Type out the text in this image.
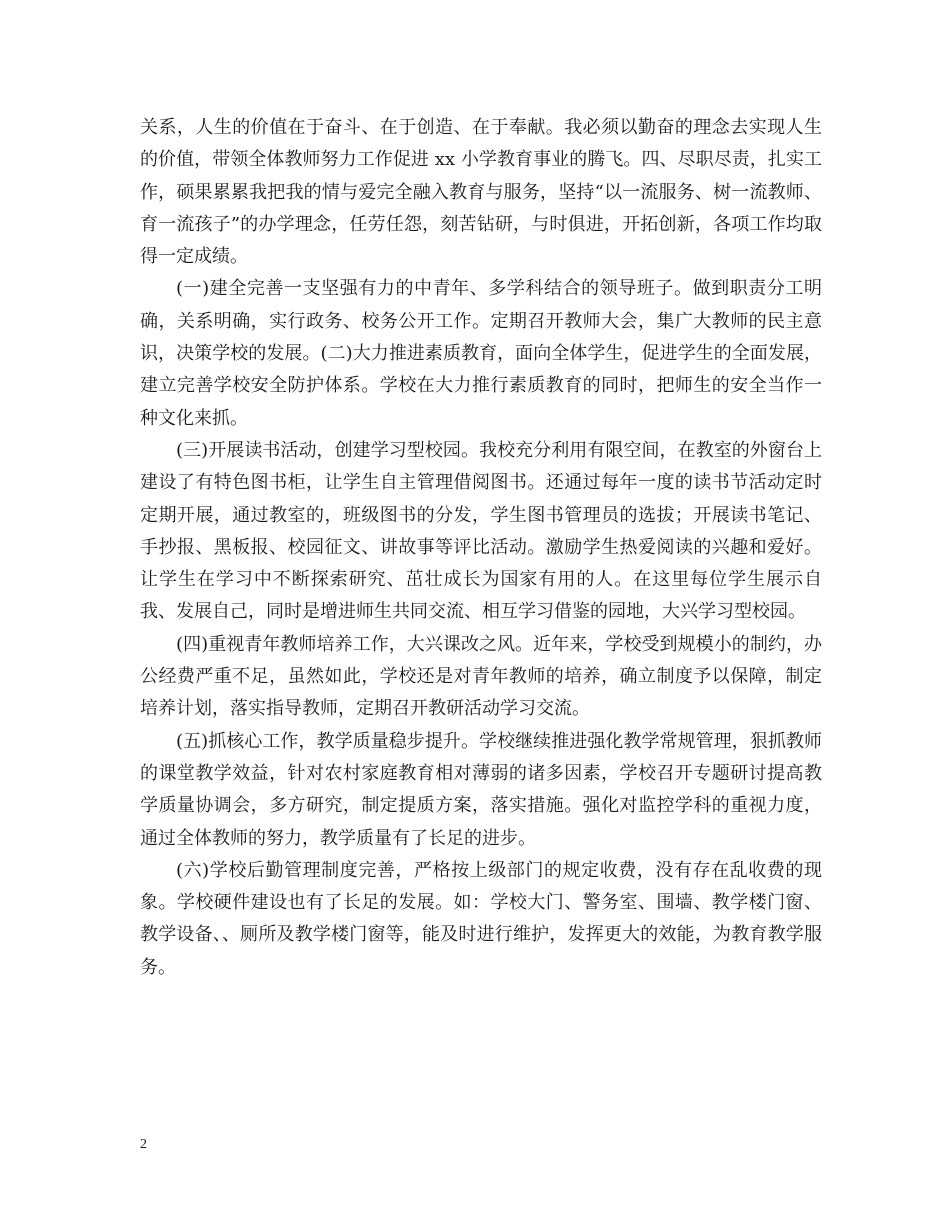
关系，人生的价值在于奋斗、在于创造、在于奉献。我必须以勤奋的理念去实现人生的价值，带领全体教师努力工作促进 xx 小学教育事业的腾飞。四、尽职尽责，扎实工作，硕果累累我把我的情与爱完全融入教育与服务，坚持“以一流服务、树一流教师、育一流孩子”的办学理念，任劳任怨，刻苦钻研，与时俱进，开拓创新，各项工作均取得一定成绩。

(一)建全完善一支坚强有力的中青年、多学科结合的领导班子。做到职责分工明确，关系明确，实行政务、校务公开工作。定期召开教师大会，集广大教师的民主意识，决策学校的发展。(二)大力推进素质教育，面向全体学生，促进学生的全面发展，建立完善学校安全防护体系。学校在大力推行素质教育的同时，把师生的安全当作一种文化来抓。

(三)开展读书活动，创建学习型校园。我校充分利用有限空间，在教室的外窗台上建设了有特色图书柜，让学生自主管理借阅图书。还通过每年一度的读书节活动定时定期开展，通过教室的，班级图书的分发，学生图书管理员的选拔；开展读书笔记、手抄报、黑板报、校园征文、讲故事等评比活动。激励学生热爱阅读的兴趣和爱好。让学生在学习中不断探索研究、茁壮成长为国家有用的人。在这里每位学生展示自我、发展自己，同时是增进师生共同交流、相互学习借鉴的园地，大兴学习型校园。

(四)重视青年教师培养工作，大兴课改之风。近年来，学校受到规模小的制约，办公经费严重不足，虽然如此，学校还是对青年教师的培养，确立制度予以保障，制定培养计划，落实指导教师，定期召开教研活动学习交流。

(五)抓核心工作，教学质量稳步提升。学校继续推进强化教学常规管理，狠抓教师的课堂教学效益，针对农村家庭教育相对薄弱的诸多因素，学校召开专题研讨提高教学质量协调会，多方研究，制定提质方案，落实措施。强化对监控学科的重视力度，通过全体教师的努力，教学质量有了长足的进步。

(六)学校后勤管理制度完善，严格按上级部门的规定收费，没有存在乱收费的现象。学校硬件建设也有了长足的发展。如：学校大门、警务室、围墙、教学楼门窗、教学设备、、厕所及教学楼门窗等，能及时进行维护，发挥更大的效能，为教育教学服务。

2
